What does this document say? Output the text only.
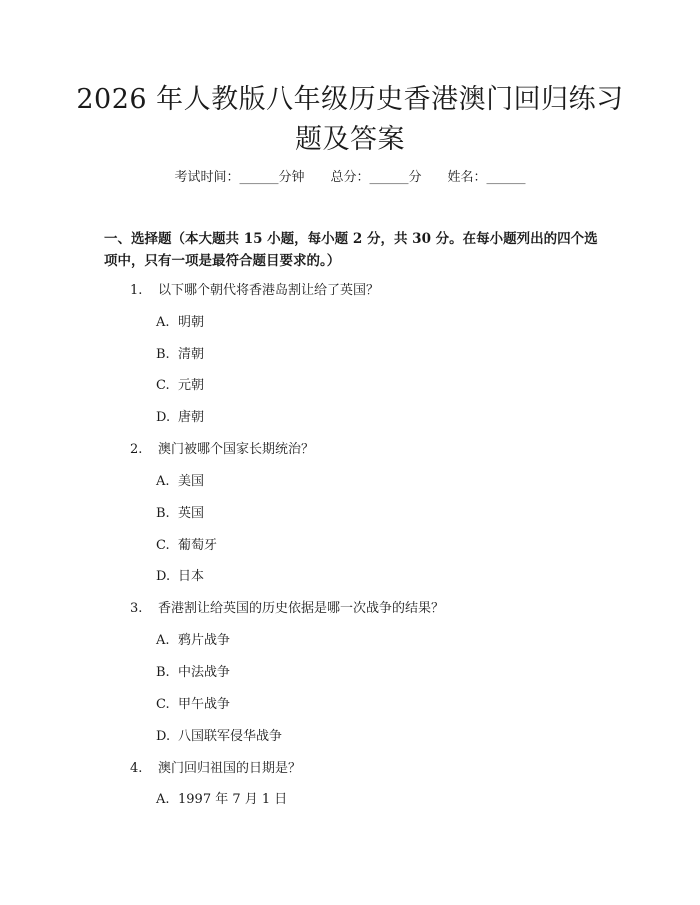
2026 年人教版八年级历史香港澳门回归练习
题及答案
考试时间：______分钟 总分：______分 姓名：______
一、选择题（本大题共 15 小题，每小题 2 分，共 30 分。在每小题列出的四个选
项中，只有一项是最符合题目要求的。）
1. 以下哪个朝代将香港岛割让给了英国？
A. 明朝
B. 清朝
C. 元朝
D. 唐朝
2. 澳门被哪个国家长期统治？
A. 美国
B. 英国
C. 葡萄牙
D. 日本
3. 香港割让给英国的历史依据是哪一次战争的结果？
A. 鸦片战争
B. 中法战争
C. 甲午战争
D. 八国联军侵华战争
4. 澳门回归祖国的日期是？
A. 1997 年 7 月 1 日
